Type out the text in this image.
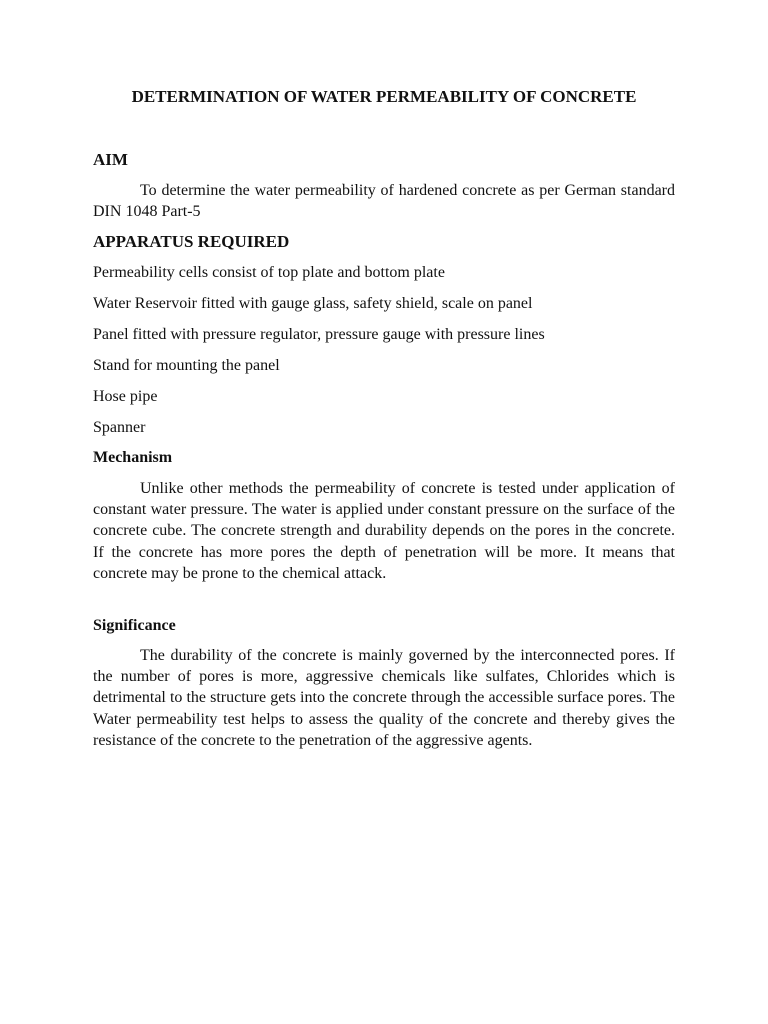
DETERMINATION OF WATER PERMEABILITY OF CONCRETE
AIM

To determine the water permeability of hardened concrete as per German standard DIN 1048 Part-5

APPARATUS REQUIRED

Permeability cells consist of top plate and bottom plate

Water Reservoir fitted with gauge glass, safety shield, scale on panel

Panel fitted with pressure regulator, pressure gauge with pressure lines

Stand for mounting the panel

Hose pipe

Spanner

Mechanism

Unlike other methods the permeability of concrete is tested under application of constant water pressure. The water is applied under constant pressure on the surface of the concrete cube. The concrete strength and durability depends on the pores in the concrete. If the concrete has more pores the depth of penetration will be more. It means that concrete may be prone to the chemical attack.

Significance

The durability of the concrete is mainly governed by the interconnected pores. If the number of pores is more, aggressive chemicals like sulfates, Chlorides which is detrimental to the structure gets into the concrete through the accessible surface pores. The Water permeability test helps to assess the quality of the concrete and thereby gives the resistance of the concrete to the penetration of the aggressive agents.
